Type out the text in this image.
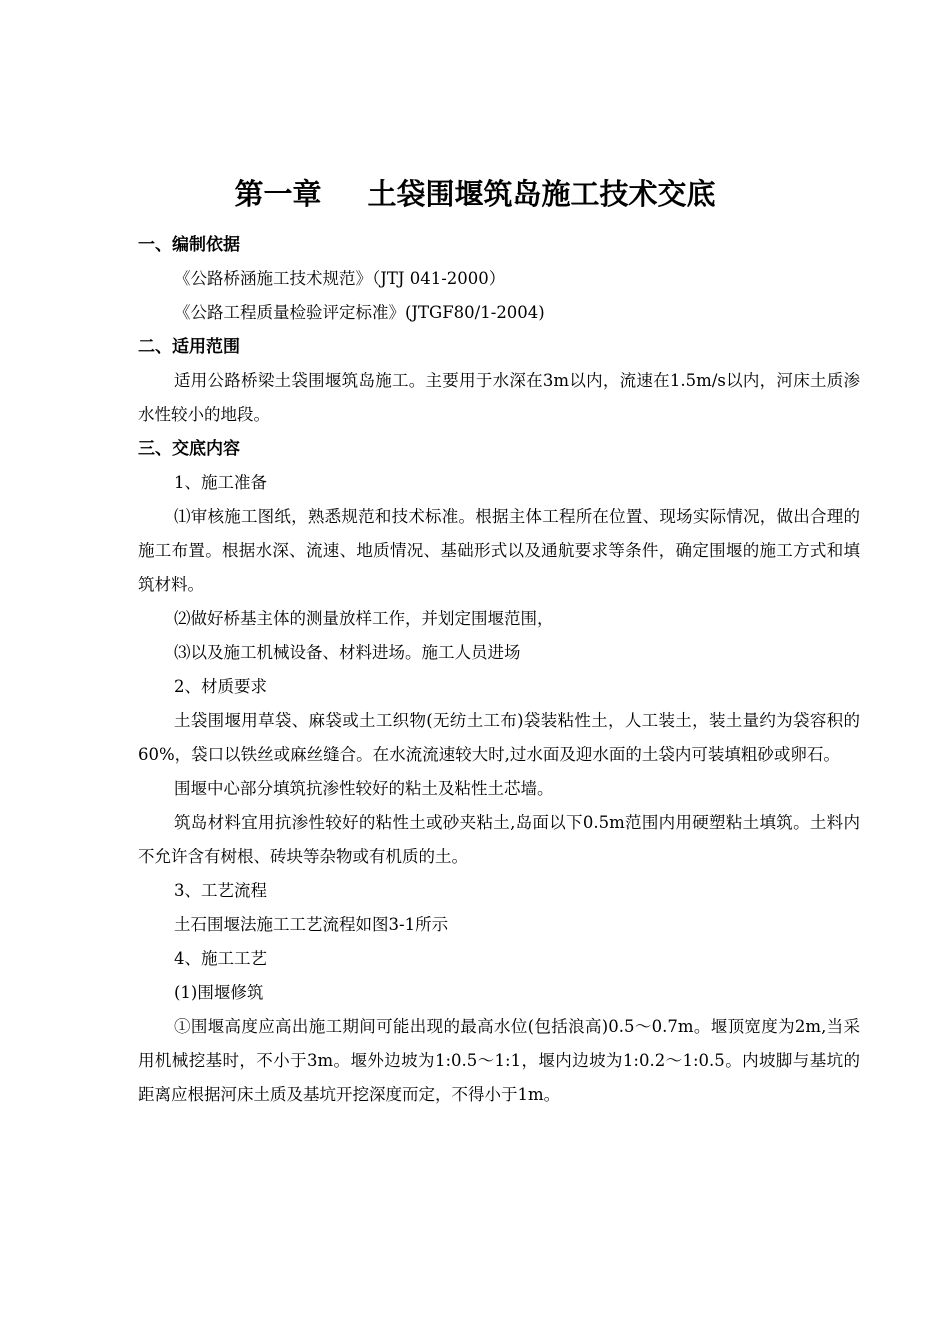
第一章 土袋围堰筑岛施工技术交底

一、编制依据

《公路桥涵施工技术规范》（JTJ 041-2000）

《公路工程质量检验评定标准》(JTGF80/1-2004)

二、适用范围

适用公路桥梁土袋围堰筑岛施工。主要用于水深在3m以内，流速在1.5m/s以内，河床土质渗水性较小的地段。

三、交底内容

1、施工准备

⑴审核施工图纸，熟悉规范和技术标准。根据主体工程所在位置、现场实际情况，做出合理的施工布置。根据水深、流速、地质情况、基础形式以及通航要求等条件，确定围堰的施工方式和填筑材料。

⑵做好桥基主体的测量放样工作，并划定围堰范围，

⑶以及施工机械设备、材料进场。施工人员进场

2、材质要求

土袋围堰用草袋、麻袋或土工织物(无纺土工布)袋装粘性土，人工装土，装土量约为袋容积的60%，袋口以铁丝或麻丝缝合。在水流流速较大时,过水面及迎水面的土袋内可装填粗砂或卵石。

围堰中心部分填筑抗渗性较好的粘土及粘性土芯墙。

筑岛材料宜用抗渗性较好的粘性土或砂夹粘土,岛面以下0.5m范围内用硬塑粘土填筑。土料内不允许含有树根、砖块等杂物或有机质的土。

3、工艺流程

土石围堰法施工工艺流程如图3-1所示

4、施工工艺

(1)围堰修筑

①围堰高度应高出施工期间可能出现的最高水位(包括浪高)0.5～0.7m。堰顶宽度为2m,当采用机械挖基时，不小于3m。堰外边坡为1:0.5～1:1，堰内边坡为1:0.2～1:0.5。内坡脚与基坑的距离应根据河床土质及基坑开挖深度而定，不得小于1m。
